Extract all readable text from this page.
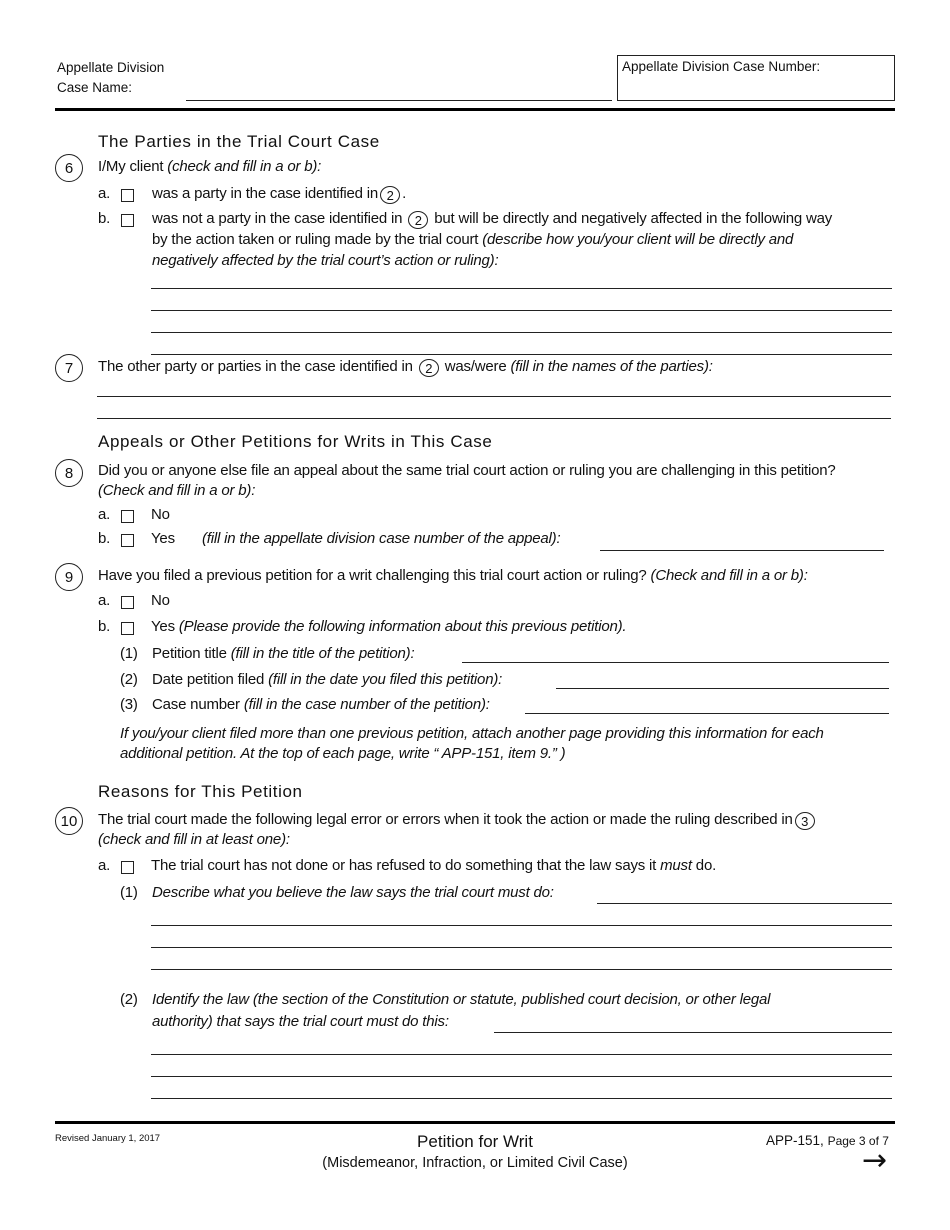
Appellate Division
Case Name:
Appellate Division Case Number:
The Parties in the Trial Court Case
6	I/My client (check and fill in a or b):
a.	was a party in the case identified in 2 .
b.	was not a party in the case identified in 2 but will be directly and negatively affected in the following way
by the action taken or ruling made by the trial court (describe how you/your client will be directly and
negatively affected by the trial court’s action or ruling):
7	The other party or parties in the case identified in 2 was/were (fill in the names of the parties):
Appeals or Other Petitions for Writs in This Case
8	Did you or anyone else file an appeal about the same trial court action or ruling you are challenging in this petition?
(Check and fill in a or b):
a.	No
b.	Yes (fill in the appellate division case number of the appeal):
9	Have you filed a previous petition for a writ challenging this trial court action or ruling? (Check and fill in a or b):
a.	No
b.	Yes (Please provide the following information about this previous petition).
(1) Petition title (fill in the title of the petition):
(2) Date petition filed (fill in the date you filed this petition):
(3) Case number (fill in the case number of the petition):
If you/your client filed more than one previous petition, attach another page providing this information for each
additional petition. At the top of each page, write “ APP-151, item 9.” )
Reasons for This Petition
10	The trial court made the following legal error or errors when it took the action or made the ruling described in 3
(check and fill in at least one):
a.	The trial court has not done or has refused to do something that the law says it must do.
(1) Describe what you believe the law says the trial court must do:
(2) Identify the law (the section of the Constitution or statute, published court decision, or other legal
authority) that says the trial court must do this:
Revised January 1, 2017	Petition for Writ
(Misdemeanor, Infraction, or Limited Civil Case)
APP-151, Page 3 of 7
→
